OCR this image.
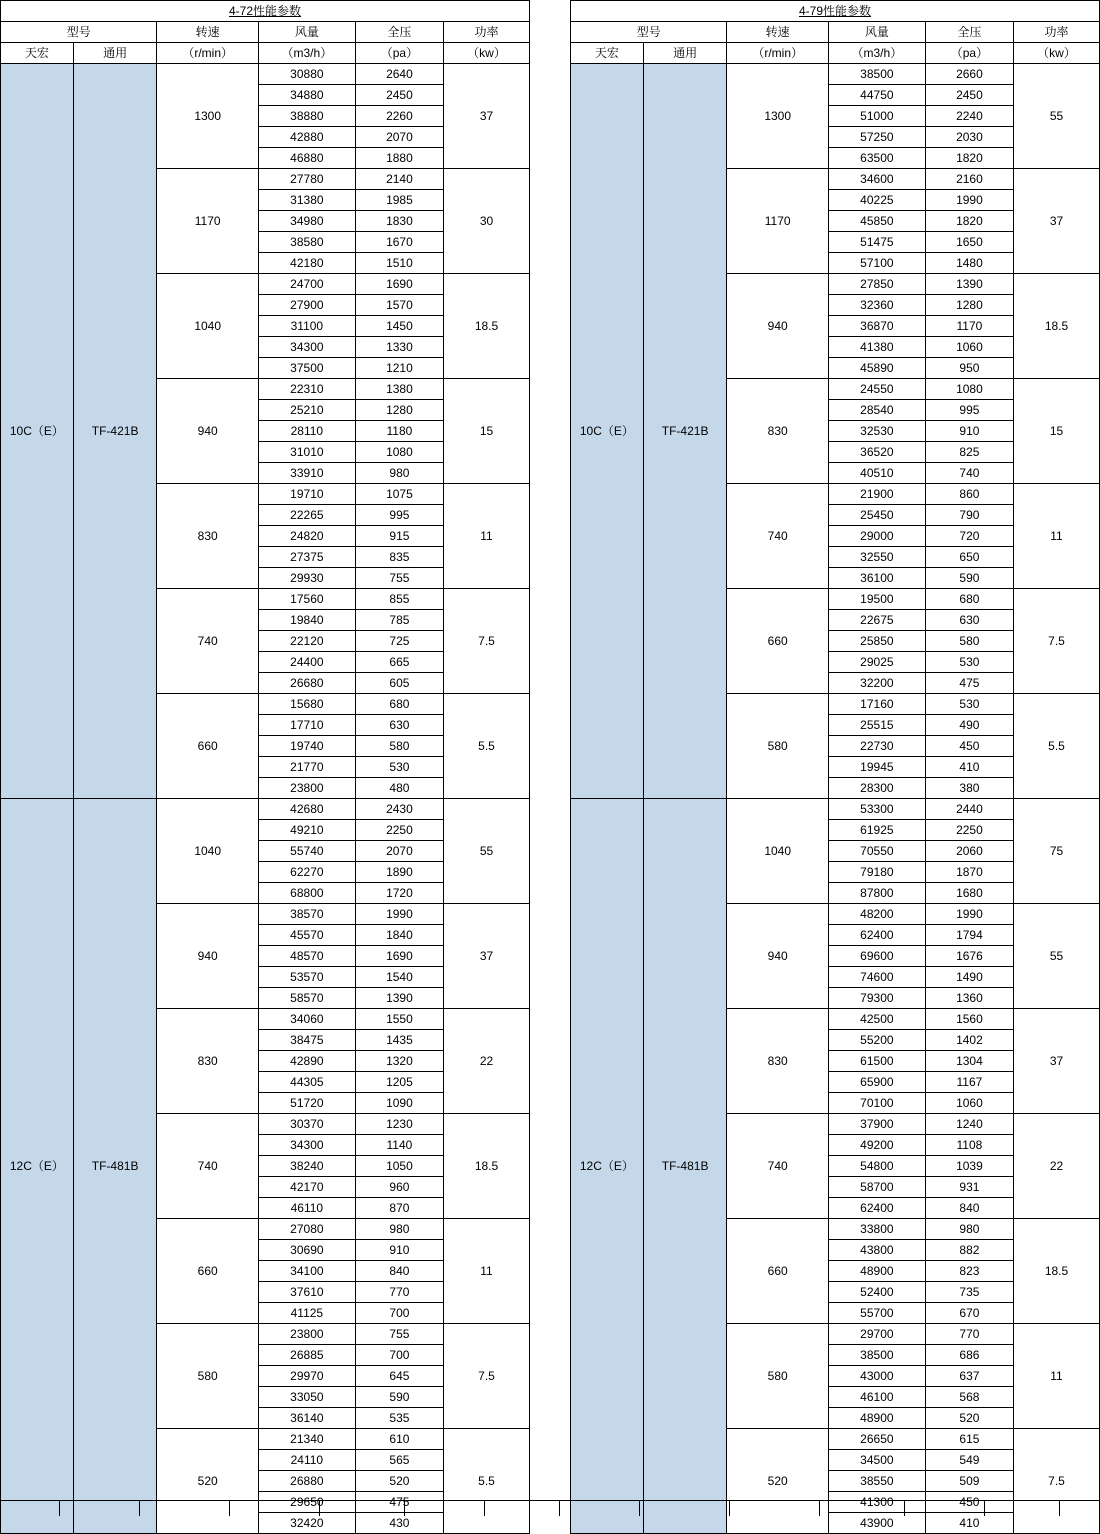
4-72性能参数					
型号		转速	风量	全压	功率
天宏	通用	（r/min）	（m3/h）	（pa）	（kw）
10C（E）	TF-421B	1300	30880	2640	37
			34880	2450	
			38880	2260	
			42880	2070	
			46880	1880	
		1170	27780	2140	30
			31380	1985	
			34980	1830	
			38580	1670	
			42180	1510	
		1040	24700	1690	18.5
			27900	1570	
			31100	1450	
			34300	1330	
			37500	1210	
		940	22310	1380	15
			25210	1280	
			28110	1180	
			31010	1080	
			33910	980	
		830	19710	1075	11
			22265	995	
			24820	915	
			27375	835	
			29930	755	
		740	17560	855	7.5
			19840	785	
			22120	725	
			24400	665	
			26680	605	
		660	15680	680	5.5
			17710	630	
			19740	580	
			21770	530	
			23800	480	
12C（E）	TF-481B	1040	42680	2430	55
			49210	2250	
			55740	2070	
			62270	1890	
			68800	1720	
		940	38570	1990	37
			45570	1840	
			48570	1690	
			53570	1540	
			58570	1390	
		830	34060	1550	22
			38475	1435	
			42890	1320	
			44305	1205	
			51720	1090	
		740	30370	1230	18.5
			34300	1140	
			38240	1050	
			42170	960	
			46110	870	
		660	27080	980	11
			30690	910	
			34100	840	
			37610	770	
			41125	700	
		580	23800	755	7.5
			26885	700	
			29970	645	
			33050	590	
			36140	535	
		520	21340	610	5.5
			24110	565	
			26880	520	
			29650	475	
			32420	430	
4-79性能参数					
型号		转速	风量	全压	功率
天宏	通用	（r/min）	（m3/h）	（pa）	（kw）
10C（E）	TF-421B	1300	38500	2660	55
			44750	2450	
			51000	2240	
			57250	2030	
			63500	1820	
		1170	34600	2160	37
			40225	1990	
			45850	1820	
			51475	1650	
			57100	1480	
		940	27850	1390	18.5
			32360	1280	
			36870	1170	
			41380	1060	
			45890	950	
		830	24550	1080	15
			28540	995	
			32530	910	
			36520	825	
			40510	740	
		740	21900	860	11
			25450	790	
			29000	720	
			32550	650	
			36100	590	
		660	19500	680	7.5
			22675	630	
			25850	580	
			29025	530	
			32200	475	
		580	17160	530	5.5
			25515	490	
			22730	450	
			19945	410	
			28300	380	
12C（E）	TF-481B	1040	53300	2440	75
			61925	2250	
			70550	2060	
			79180	1870	
			87800	1680	
		940	48200	1990	55
			62400	1794	
			69600	1676	
			74600	1490	
			79300	1360	
		830	42500	1560	37
			55200	1402	
			61500	1304	
			65900	1167	
			70100	1060	
		740	37900	1240	22
			49200	1108	
			54800	1039	
			58700	931	
			62400	840	
		660	33800	980	18.5
			43800	882	
			48900	823	
			52400	735	
			55700	670	
		580	29700	770	11
			38500	686	
			43000	637	
			46100	568	
			48900	520	
		520	26650	615	7.5
			34500	549	
			38550	509	
			41300	450	
			43900	410	
